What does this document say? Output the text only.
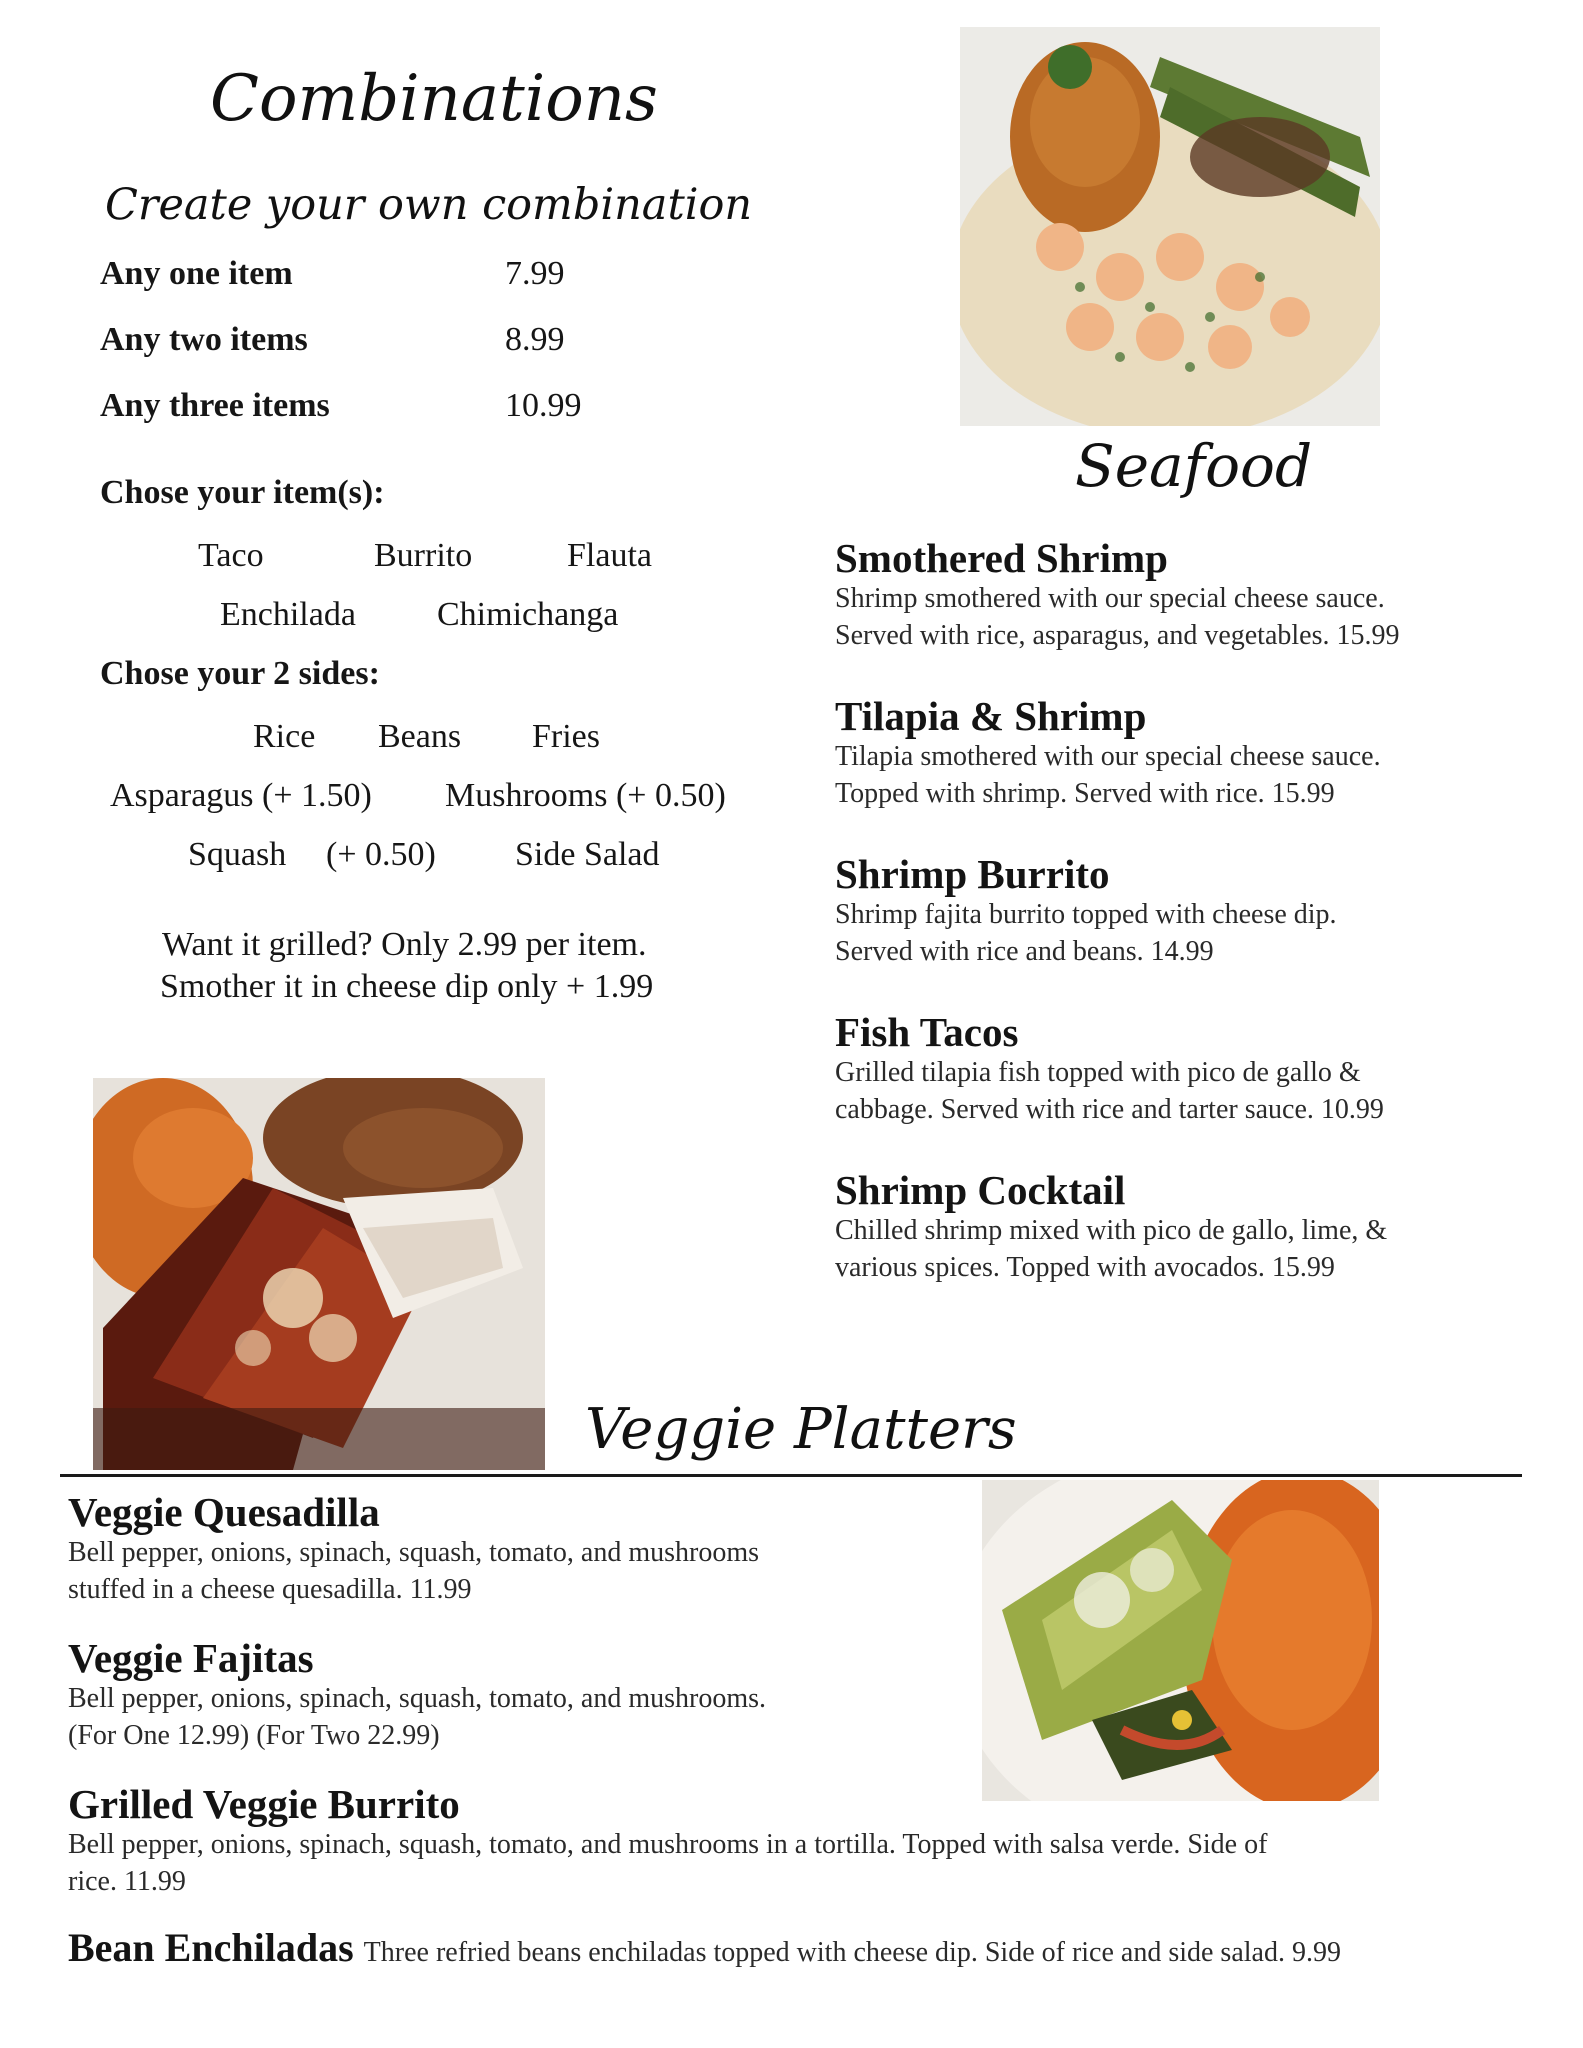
Combinations
Create your own combination
Any one item	7.99
Any two items	8.99
Any three items	10.99
Chose your item(s):
Taco	Burrito	Flauta
Enchilada Chimichanga
Chose your 2 sides:
Rice Beans Fries
Asparagus (+ 1.50) Mushrooms (+ 0.50)
Squash (+ 0.50) Side Salad
Want it grilled? Only 2.99 per item.
Smother it in cheese dip only + 1.99
Seafood
Smothered Shrimp
Shrimp smothered with our special cheese sauce.
Served with rice, asparagus, and vegetables. 15.99
Tilapia & Shrimp
Tilapia smothered with our special cheese sauce.
Topped with shrimp. Served with rice. 15.99
Shrimp Burrito
Shrimp fajita burrito topped with cheese dip.
Served with rice and beans. 14.99
Fish Tacos
Grilled tilapia fish topped with pico de gallo &
cabbage. Served with rice and tarter sauce. 10.99
Shrimp Cocktail
Chilled shrimp mixed with pico de gallo, lime, &
various spices. Topped with avocados. 15.99
Veggie Platters
Veggie Quesadilla
Bell pepper, onions, spinach, squash, tomato, and mushrooms
stuffed in a cheese quesadilla. 11.99
Veggie Fajitas
Bell pepper, onions, spinach, squash, tomato, and mushrooms.
(For One 12.99) (For Two 22.99)
Grilled Veggie Burrito
Bell pepper, onions, spinach, squash, tomato, and mushrooms in a tortilla. Topped with salsa verde. Side of
rice. 11.99
Bean Enchiladas Three refried beans enchiladas topped with cheese dip. Side of rice and side salad. 9.99
